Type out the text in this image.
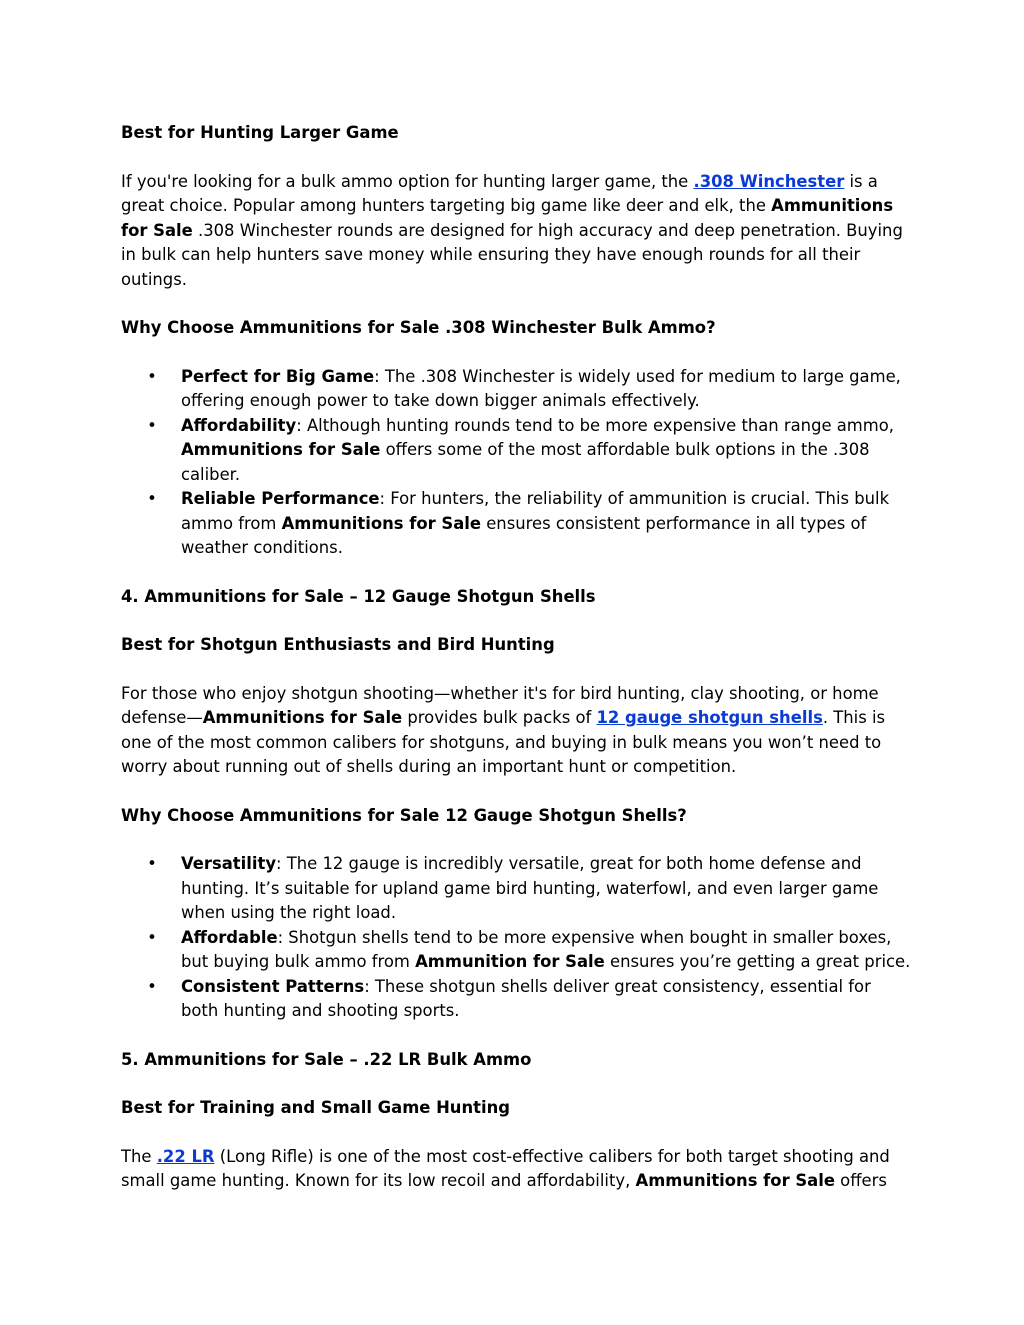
Best for Hunting Larger Game

If you're looking for a bulk ammo option for hunting larger game, the .308 Winchester is a great choice. Popular among hunters targeting big game like deer and elk, the Ammunitions for Sale .308 Winchester rounds are designed for high accuracy and deep penetration. Buying in bulk can help hunters save money while ensuring they have enough rounds for all their outings.

Why Choose Ammunitions for Sale .308 Winchester Bulk Ammo?

• Perfect for Big Game: The .308 Winchester is widely used for medium to large game, offering enough power to take down bigger animals effectively.
• Affordability: Although hunting rounds tend to be more expensive than range ammo, Ammunitions for Sale offers some of the most affordable bulk options in the .308 caliber.
• Reliable Performance: For hunters, the reliability of ammunition is crucial. This bulk ammo from Ammunitions for Sale ensures consistent performance in all types of weather conditions.

4. Ammunitions for Sale – 12 Gauge Shotgun Shells

Best for Shotgun Enthusiasts and Bird Hunting

For those who enjoy shotgun shooting—whether it's for bird hunting, clay shooting, or home defense—Ammunitions for Sale provides bulk packs of 12 gauge shotgun shells. This is one of the most common calibers for shotguns, and buying in bulk means you won’t need to worry about running out of shells during an important hunt or competition.

Why Choose Ammunitions for Sale 12 Gauge Shotgun Shells?

• Versatility: The 12 gauge is incredibly versatile, great for both home defense and hunting. It’s suitable for upland game bird hunting, waterfowl, and even larger game when using the right load.
• Affordable: Shotgun shells tend to be more expensive when bought in smaller boxes, but buying bulk ammo from Ammunition for Sale ensures you’re getting a great price.
• Consistent Patterns: These shotgun shells deliver great consistency, essential for both hunting and shooting sports.

5. Ammunitions for Sale – .22 LR Bulk Ammo

Best for Training and Small Game Hunting

The .22 LR (Long Rifle) is one of the most cost-effective calibers for both target shooting and small game hunting. Known for its low recoil and affordability, Ammunitions for Sale offers
